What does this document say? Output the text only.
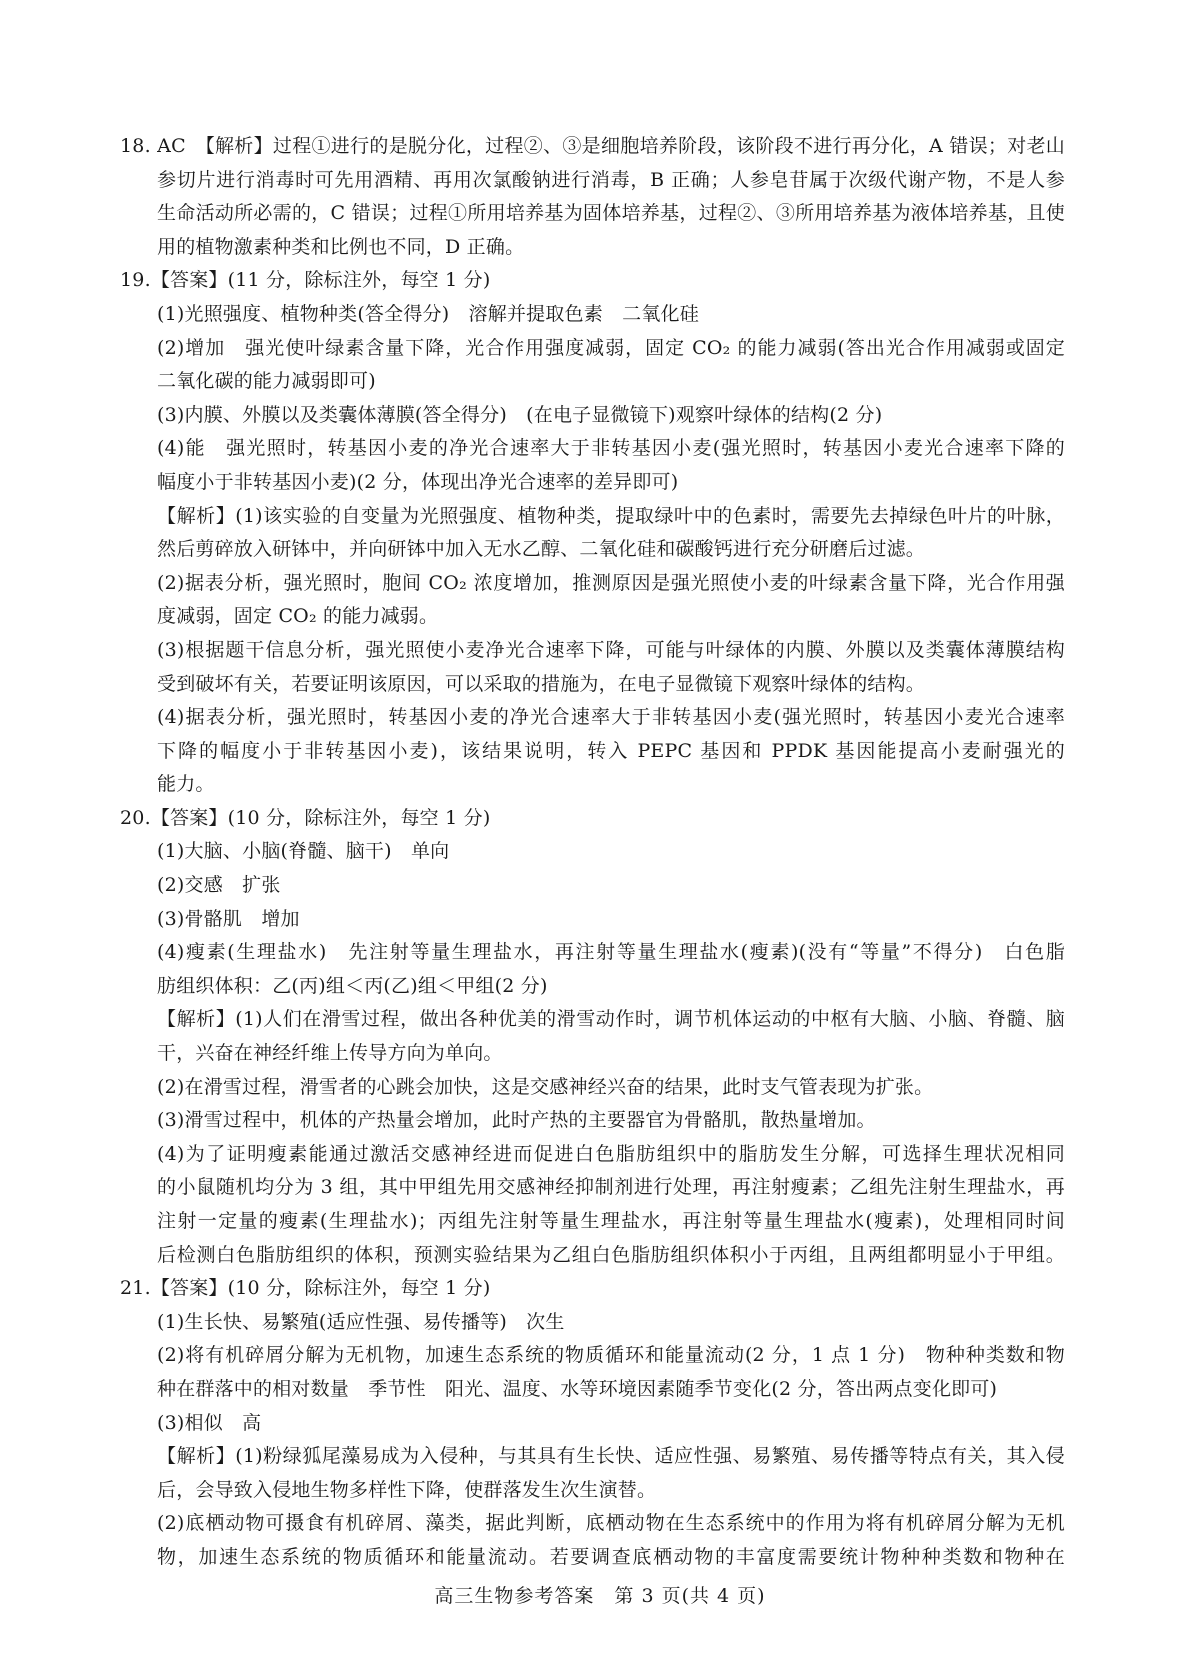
18. AC　【解析】过程①进行的是脱分化，过程②、③是细胞培养阶段，该阶段不进行再分化，A 错误；对老山
参切片进行消毒时可先用酒精、再用次氯酸钠进行消毒，B 正确；人参皂苷属于次级代谢产物，不是人参
生命活动所必需的，C 错误；过程①所用培养基为固体培养基，过程②、③所用培养基为液体培养基，且使
用的植物激素种类和比例也不同，D 正确。
19.【答案】(11 分，除标注外，每空 1 分)
(1)光照强度、植物种类(答全得分)　溶解并提取色素　二氧化硅
(2)增加　强光使叶绿素含量下降，光合作用强度减弱，固定 CO₂ 的能力减弱(答出光合作用减弱或固定
二氧化碳的能力减弱即可)
(3)内膜、外膜以及类囊体薄膜(答全得分)　(在电子显微镜下)观察叶绿体的结构(2 分)
(4)能　强光照时，转基因小麦的净光合速率大于非转基因小麦(强光照时，转基因小麦光合速率下降的
幅度小于非转基因小麦)(2 分，体现出净光合速率的差异即可)
【解析】(1)该实验的自变量为光照强度、植物种类，提取绿叶中的色素时，需要先去掉绿色叶片的叶脉，
然后剪碎放入研钵中，并向研钵中加入无水乙醇、二氧化硅和碳酸钙进行充分研磨后过滤。
(2)据表分析，强光照时，胞间 CO₂ 浓度增加，推测原因是强光照使小麦的叶绿素含量下降，光合作用强
度减弱，固定 CO₂ 的能力减弱。
(3)根据题干信息分析，强光照使小麦净光合速率下降，可能与叶绿体的内膜、外膜以及类囊体薄膜结构
受到破坏有关，若要证明该原因，可以采取的措施为，在电子显微镜下观察叶绿体的结构。
(4)据表分析，强光照时，转基因小麦的净光合速率大于非转基因小麦(强光照时，转基因小麦光合速率
下降的幅度小于非转基因小麦)，该结果说明，转入 PEPC 基因和 PPDK 基因能提高小麦耐强光的
能力。
20.【答案】(10 分，除标注外，每空 1 分)
(1)大脑、小脑(脊髓、脑干)　单向
(2)交感　扩张
(3)骨骼肌　增加
(4)瘦素(生理盐水)　先注射等量生理盐水，再注射等量生理盐水(瘦素)(没有“等量”不得分)　白色脂
肪组织体积：乙(丙)组＜丙(乙)组＜甲组(2 分)
【解析】(1)人们在滑雪过程，做出各种优美的滑雪动作时，调节机体运动的中枢有大脑、小脑、脊髓、脑
干，兴奋在神经纤维上传导方向为单向。
(2)在滑雪过程，滑雪者的心跳会加快，这是交感神经兴奋的结果，此时支气管表现为扩张。
(3)滑雪过程中，机体的产热量会增加，此时产热的主要器官为骨骼肌，散热量增加。
(4)为了证明瘦素能通过激活交感神经进而促进白色脂肪组织中的脂肪发生分解，可选择生理状况相同
的小鼠随机均分为 3 组，其中甲组先用交感神经抑制剂进行处理，再注射瘦素；乙组先注射生理盐水，再
注射一定量的瘦素(生理盐水)；丙组先注射等量生理盐水，再注射等量生理盐水(瘦素)，处理相同时间
后检测白色脂肪组织的体积，预测实验结果为乙组白色脂肪组织体积小于丙组，且两组都明显小于甲组。
21.【答案】(10 分，除标注外，每空 1 分)
(1)生长快、易繁殖(适应性强、易传播等)　次生
(2)将有机碎屑分解为无机物，加速生态系统的物质循环和能量流动(2 分，1 点 1 分)　物种种类数和物
种在群落中的相对数量　季节性　阳光、温度、水等环境因素随季节变化(2 分，答出两点变化即可)
(3)相似　高
【解析】(1)粉绿狐尾藻易成为入侵种，与其具有生长快、适应性强、易繁殖、易传播等特点有关，其入侵
后，会导致入侵地生物多样性下降，使群落发生次生演替。
(2)底栖动物可摄食有机碎屑、藻类，据此判断，底栖动物在生态系统中的作用为将有机碎屑分解为无机
物，加速生态系统的物质循环和能量流动。若要调查底栖动物的丰富度需要统计物种种类数和物种在
高三生物参考答案　第 3 页(共 4 页)
